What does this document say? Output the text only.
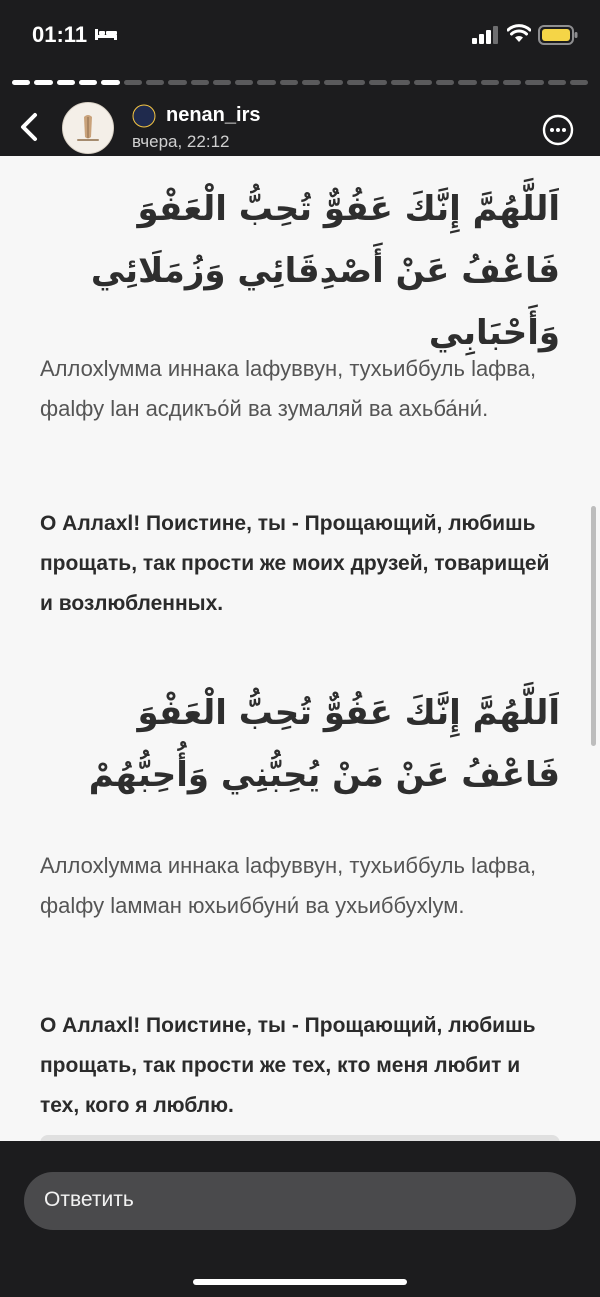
01:11
nenan_irs
вчера, 22:12
اَللَّهُمَّ إِنَّكَ عَفُوٌّ تُحِبُّ الْعَفْوَ فَاعْفُ عَنْ أَصْدِقَائِي وَزُمَلَائِي وَأَحْبَابِي
Аллохlумма иннака lафуввун, тухьиббуль lафва, фаlфу lан асдикъо́й ва зумаляй ва ахьба́ни́.
О Аллахl! Поистине, ты - Прощающий, любишь прощать, так прости же моих друзей, товарищей и возлюбленных.
اَللَّهُمَّ إِنَّكَ عَفُوٌّ تُحِبُّ الْعَفْوَ فَاعْفُ عَنْ مَنْ يُحِبُّنِي وَأُحِبُّهُمْ
Аллохlумма иннака lафуввун, тухьиббуль lафва, фаlфу lамман юхьиббуни́ ва ухьиббухlум.
О Аллахl! Поистине, ты - Прощающий, любишь прощать, так прости же тех, кто меня любит и тех, кого я люблю.
Ответить
